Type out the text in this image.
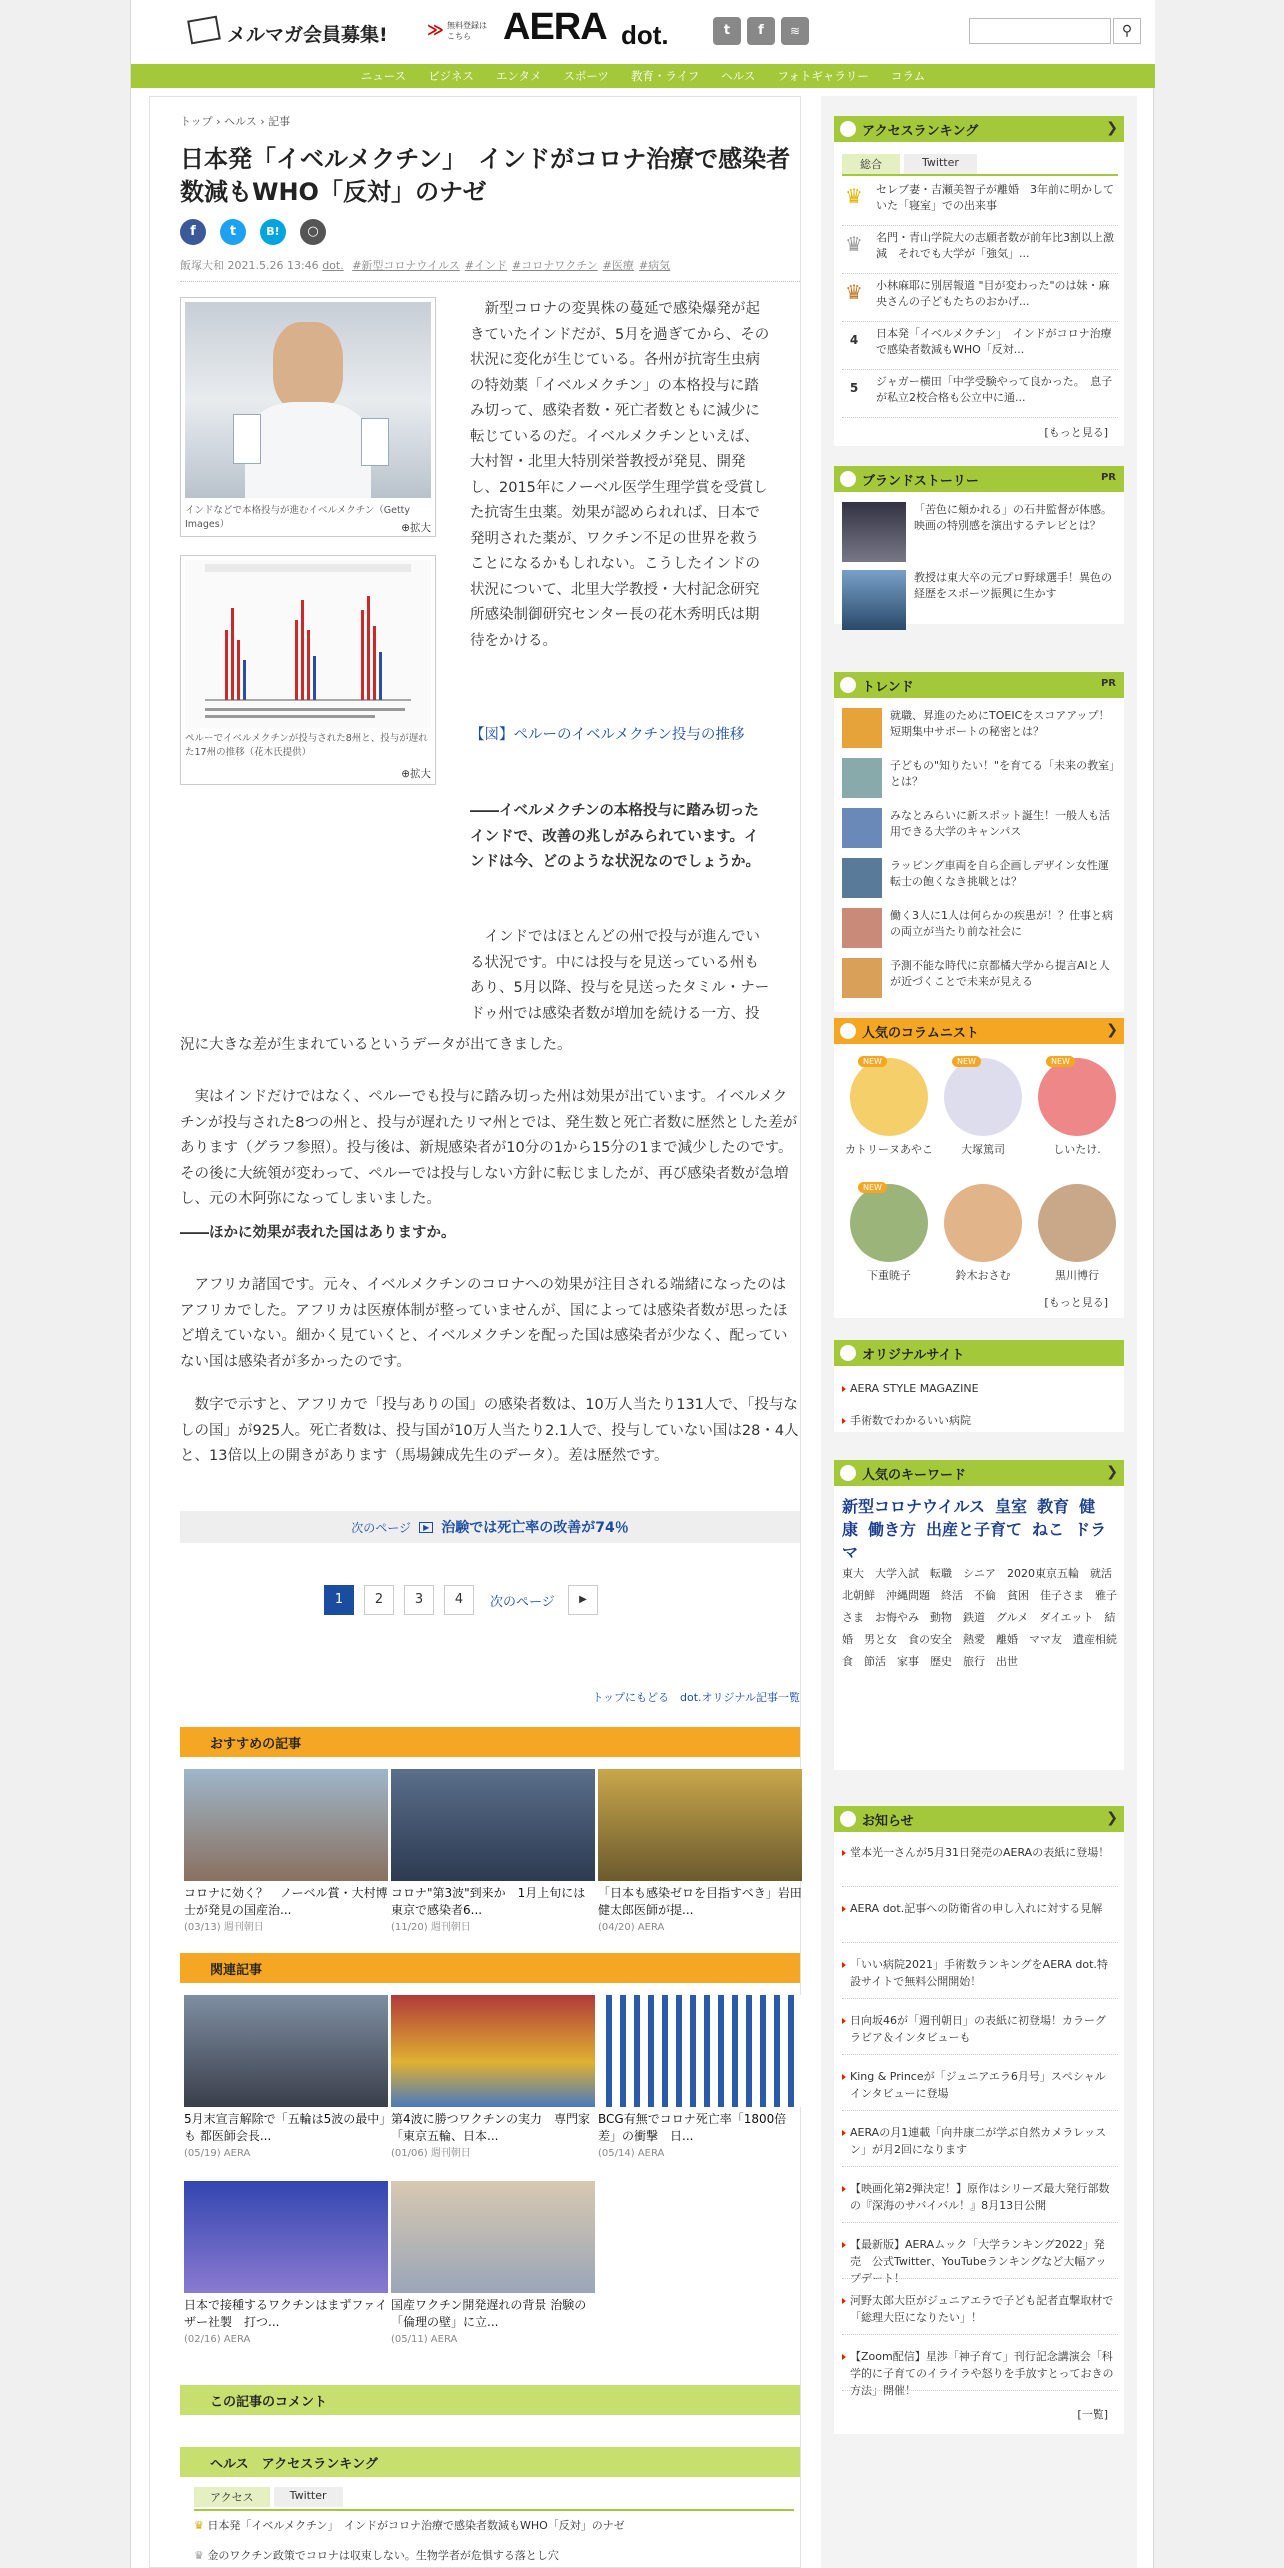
メルマガ会員募集! ≫ 無料登録はこちら AERA dot.	t	f	≋	⚲
ニュース ビジネス エンタメ スポーツ 教育・ライフ ヘルス フォトギャラリー コラム
トップ › ヘルス › 記事
日本発「イベルメクチン」　インドがコロナ治療で感染者数減もWHO「反対」のナゼ
f	t	B!	○
飯塚大和 2021.5.26 13:46 dot. #新型コロナウイルス #インド #コロナワクチン #医療 #病気
インドなどで本格投与が進むイベルメクチン（Getty Images）	⊕拡大
ペルーでイベルメクチンが投与された8州と、投与が遅れた17州の推移（花木氏提供）
⊕拡大
　新型コロナの変異株の蔓延で感染爆発が起きていたインドだが、5月を過ぎてから、その状況に変化が生じている。各州が抗寄生虫病の特効薬「イベルメクチン」の本格投与に踏み切って、感染者数・死亡者数ともに減少に転じているのだ。イベルメクチンといえば、大村智・北里大特別栄誉教授が発見、開発し、2015年にノーベル医学生理学賞を受賞した抗寄生虫薬。効果が認められれば、日本で発明された薬が、ワクチン不足の世界を救うことになるかもしれない。こうしたインドの状況について、北里大学教授・大村記念研究所感染制御研究センター長の花木秀明氏は期待をかける。
【図】ペルーのイベルメクチン投与の推移
――イベルメクチンの本格投与に踏み切ったインドで、改善の兆しがみられています。インドは今、どのような状況なのでしょうか。
　インドではほとんどの州で投与が進んでいる状況です。中には投与を見送っている州もあり、5月以降、投与を見送ったタミル・ナードゥ州では感染者数が増加を続ける一方、投
況に大きな差が生まれているというデータが出てきました。
　実はインドだけではなく、ペルーでも投与に踏み切った州は効果が出ています。イベルメクチンが投与された8つの州と、投与が遅れたリマ州とでは、発生数と死亡者数に歴然とした差があります（グラフ参照）。投与後は、新規感染者が10分の1から15分の1まで減少したのです。その後に大統領が変わって、ペルーでは投与しない方針に転じましたが、再び感染者数が急増し、元の木阿弥になってしまいました。
――ほかに効果が表れた国はありますか。
　アフリカ諸国です。元々、イベルメクチンのコロナへの効果が注目される端緒になったのはアフリカでした。アフリカは医療体制が整っていませんが、国によっては感染者数が思ったほど増えていない。細かく見ていくと、イベルメクチンを配った国は感染者が少なく、配っていない国は感染者が多かったのです。
　数字で示すと、アフリカで「投与ありの国」の感染者数は、10万人当たり131人で、「投与なしの国」が925人。死亡者数は、投与国が10万人当たり2.1人で、投与していない国は28・4人と、13倍以上の開きがあります（馬場錬成先生のデータ）。差は歴然です。
次のページ	▶ 治験では死亡率の改善が74％
1	2	3	4	次のページ	▶
トップにもどる　dot.オリジナル記事一覧
おすすめの記事
コロナに効く？　ノーベル賞・大村博士が発見の国産治...
(03/13) 週刊朝日
コロナ"第3波"到来か　1月上旬には東京で感染者6...
(11/20) 週刊朝日
「日本も感染ゼロを目指すべき」岩田健太郎医師が提...
(04/20) AERA
関連記事
5月末宣言解除で「五輪は5波の最中」も 都医師会長...
(05/19) AERA
第4波に勝つワクチンの実力　専門家「東京五輪、日本...
(01/06) 週刊朝日
BCG有無でコロナ死亡率「1800倍差」の衝撃　日...
(05/14) AERA
日本で接種するワクチンはまずファイザー社製　打つ...
(02/16) AERA
国産ワクチン開発遅れの背景 治験の「倫理の壁」に立...
(05/11) AERA
この記事のコメント
ヘルス　アクセスランキング
アクセス	Twitter
♛ 日本発「イベルメクチン」　インドがコロナ治療で感染者数減もWHO「反対」のナゼ
♛ 金のワクチン政策でコロナは収束しない。生物学者が危惧する落とし穴
アクセスランキング	❯
総合	Twitter
♛ セレブ妻・吉瀬美智子が離婚　3年前に明かしていた「寝室」での出来事
♛ 名門・青山学院大の志願者数が前年比3割以上激減　それでも大学が「強気」...
♛ 小林麻耶に別居報道 "目が変わった"のは妹・麻央さんの子どもたちのおかげ...
4	日本発「イベルメクチン」　インドがコロナ治療で感染者数減もWHO「反対...
5	ジャガー横田「中学受験やって良かった。　息子が私立2校合格も公立中に通...
[もっと見る]
ブランドストーリー	PR
「苦色に頬かれる」の石井監督が体感。映画の特別感を演出するテレビとは？
教授は東大卒の元プロ野球選手！異色の経歴をスポーツ振興に生かす
トレンド	PR
就職、昇進のためにTOEICをスコアアップ！短期集中サポートの秘密とは？
子どもの"知りたい！"を育てる「未来の教室」とは？
みなとみらいに新スポット誕生！一般人も活用できる大学のキャンパス
ラッピング車両を自ら企画しデザイン女性運転士の飽くなき挑戦とは？
働く3人に1人は何らかの疾患が！？仕事と病の両立が当たり前な社会に
予測不能な時代に京都橘大学から提言AIと人が近づくことで未来が見える
人気のコラムニスト	❯
NEW
カトリーヌあやこ
NEW
大塚篤司
NEW
しいたけ.
NEW
下重暁子	鈴木おさむ	黒川博行
[もっと見る]
オリジナルサイト
AERA STYLE MAGAZINE
手術数でわかるいい病院
人気のキーワード	❯
新型コロナウイルス 皇室 教育 健康 働き方 出産と子育て ねこ ドラマ
東大　大学入試　転職　シニア　2020東京五輪　就活　北朝鮮　沖縄問題　終活　不倫　貧困　佳子さま　雅子さま　お悔やみ　動物　鉄道　グルメ　ダイエット　結婚　男と女　食の安全　熱愛　離婚　ママ友　遺産相続　食　節活　家事　歴史　旅行　出世
お知らせ	❯
堂本光一さんが5月31日発売のAERAの表紙に登場！
AERA dot.記事への防衛省の申し入れに対する見解
「いい病院2021」手術数ランキングをAERA dot.特設サイトで無料公開開始！
日向坂46が「週刊朝日」の表紙に初登場！カラーグラビア＆インタビューも
King & Princeが「ジュニアエラ6月号」スペシャルインタビューに登場
AERAの月1連載「向井康二が学ぶ自然カメラレッスン」が月2回になります
【映画化第2弾決定！】原作はシリーズ最大発行部数の『深海のサバイバル！』8月13日公開
【最新版】AERAムック「大学ランキング2022」発売　公式Twitter、YouTubeランキングなど大幅アップデート！
河野太郎大臣がジュニアエラで子ども記者直撃取材で「総理大臣になりたい」！
【Zoom配信】星渉「神子育て」刊行記念講演会「科学的に子育てのイライラや怒りを手放すとっておきの方法」開催！
[一覧]
